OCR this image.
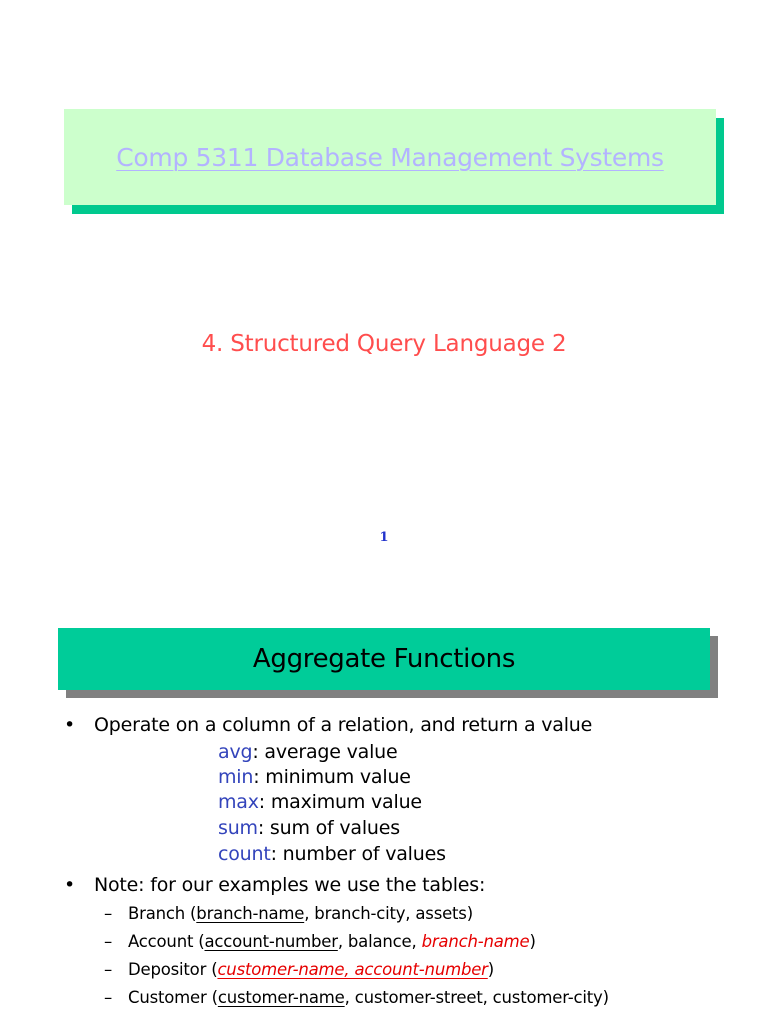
Comp 5311 Database Management Systems
4. Structured Query Language 2
1
Aggregate Functions
• Operate on a column of a relation, and return a value
avg: average value
min: minimum value
max: maximum value
sum: sum of values
count: number of values
• Note: for our examples we use the tables:
– Branch (branch-name, branch-city, assets)
– Account (account-number, balance, branch-name)
– Depositor (customer-name, account-number)
– Customer (customer-name, customer-street, customer-city)
